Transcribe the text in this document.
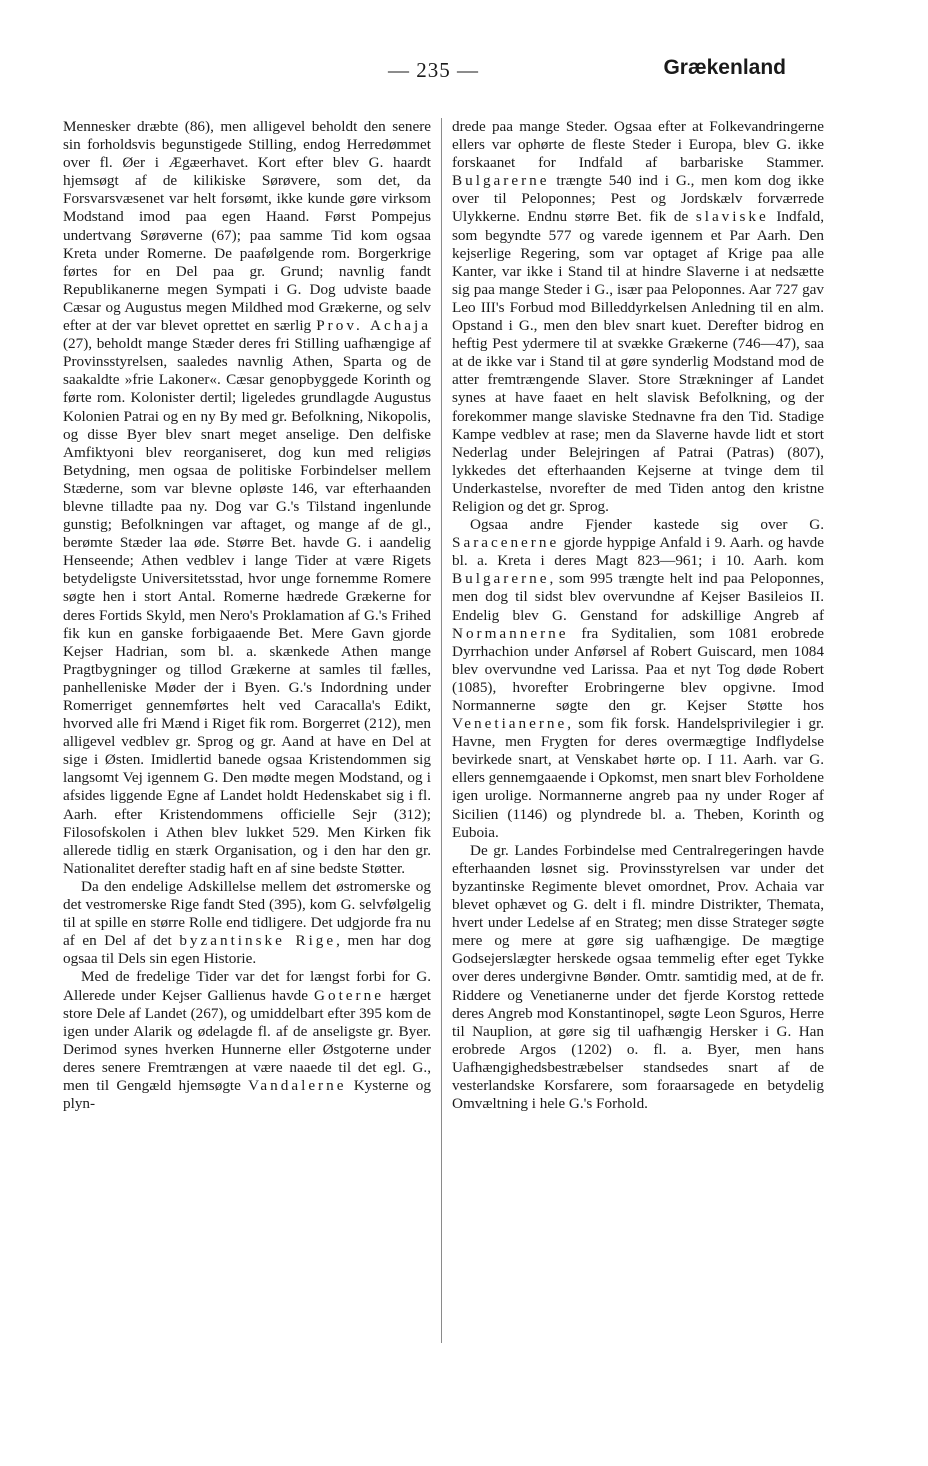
— 235 —	Grækenland

Mennesker dræbte (86), men alligevel beholdt den senere sin forholdsvis begunstigede Stilling, endog Herredømmet over fl. Øer i Ægæerhavet. Kort efter blev G. haardt hjemsøgt af de kilikiske Sørøvere, som det, da Forsvarsvæsenet var helt forsømt, ikke kunde gøre virksom Modstand imod paa egen Haand. Først Pompejus undertvang Sørøverne (67); paa samme Tid kom ogsaa Kreta under Romerne. De paafølgende rom. Borgerkrige førtes for en Del paa gr. Grund; navnlig fandt Republikanerne megen Sympati i G. Dog udviste baade Cæsar og Augustus megen Mildhed mod Grækerne, og selv efter at der var blevet oprettet en særlig Prov. Achaja (27), beholdt mange Stæder deres fri Stilling uafhængige af Provinsstyrelsen, saaledes navnlig Athen, Sparta og de saakaldte »frie Lakoner«. Cæsar genopbyggede Korinth og førte rom. Kolonister dertil; ligeledes grundlagde Augustus Kolonien Patrai og en ny By med gr. Befolkning, Nikopolis, og disse Byer blev snart meget anselige. Den delfiske Amfiktyoni blev reorganiseret, dog kun med religiøs Betydning, men ogsaa de politiske Forbindelser mellem Stæderne, som var blevne opløste 146, var efterhaanden blevne tilladte paa ny. Dog var G.'s Tilstand ingenlunde gunstig; Befolkningen var aftaget, og mange af de gl., berømte Stæder laa øde. Større Bet. havde G. i aandelig Henseende; Athen vedblev i lange Tider at være Rigets betydeligste Universitetsstad, hvor unge fornemme Romere søgte hen i stort Antal. Romerne hædrede Grækerne for deres Fortids Skyld, men Nero's Proklamation af G.'s Frihed fik kun en ganske forbigaaende Bet. Mere Gavn gjorde Kejser Hadrian, som bl. a. skænkede Athen mange Pragtbygninger og tillod Grækerne at samles til fælles, panhelleniske Møder der i Byen. G.'s Indordning under Romerriget gennemførtes helt ved Caracalla's Edikt, hvorved alle fri Mænd i Riget fik rom. Borgerret (212), men alligevel vedblev gr. Sprog og gr. Aand at have en Del at sige i Østen. Imidlertid banede ogsaa Kristendommen sig langsomt Vej igennem G. Den mødte megen Modstand, og i afsides liggende Egne af Landet holdt Hedenskabet sig i fl. Aarh. efter Kristendommens officielle Sejr (312); Filosofskolen i Athen blev lukket 529. Men Kirken fik allerede tidlig en stærk Organisation, og i den har den gr. Nationalitet derefter stadig haft en af sine bedste Støtter.

Da den endelige Adskillelse mellem det østromerske og det vestromerske Rige fandt Sted (395), kom G. selvfølgelig til at spille en større Rolle end tidligere. Det udgjorde fra nu af en Del af det byzantinske Rige, men har dog ogsaa til Dels sin egen Historie.

Med de fredelige Tider var det for længst forbi for G. Allerede under Kejser Gallienus havde Goterne hærget store Dele af Landet (267), og umiddelbart efter 395 kom de igen under Alarik og ødelagde fl. af de anseligste gr. Byer. Derimod synes hverken Hunnerne eller Østgoterne under deres senere Fremtrængen at være naaede til det egl. G., men til Gengæld hjemsøgte Vandalerne Kysterne og plyn-

drede paa mange Steder. Ogsaa efter at Folkevandringerne ellers var ophørte de fleste Steder i Europa, blev G. ikke forskaanet for Indfald af barbariske Stammer. Bulgarerne trængte 540 ind i G., men kom dog ikke over til Peloponnes; Pest og Jordskælv forværrede Ulykkerne. Endnu større Bet. fik de slaviske Indfald, som begyndte 577 og varede igennem et Par Aarh. Den kejserlige Regering, som var optaget af Krige paa alle Kanter, var ikke i Stand til at hindre Slaverne i at nedsætte sig paa mange Steder i G., især paa Peloponnes. Aar 727 gav Leo III's Forbud mod Billeddyrkelsen Anledning til en alm. Opstand i G., men den blev snart kuet. Derefter bidrog en heftig Pest ydermere til at svække Grækerne (746—47), saa at de ikke var i Stand til at gøre synderlig Modstand mod de atter fremtrængende Slaver. Store Strækninger af Landet synes at have faaet en helt slavisk Befolkning, og der forekommer mange slaviske Stednavne fra den Tid. Stadige Kampe vedblev at rase; men da Slaverne havde lidt et stort Nederlag under Belejringen af Patrai (Patras) (807), lykkedes det efterhaanden Kejserne at tvinge dem til Underkastelse, nvorefter de med Tiden antog den kristne Religion og det gr. Sprog.

Ogsaa andre Fjender kastede sig over G. Saracenerne gjorde hyppige Anfald i 9. Aarh. og havde bl. a. Kreta i deres Magt 823—961; i 10. Aarh. kom Bulgarerne, som 995 trængte helt ind paa Peloponnes, men dog til sidst blev overvundne af Kejser Basileios II. Endelig blev G. Genstand for adskillige Angreb af Normannerne fra Syditalien, som 1081 erobrede Dyrrhachion under Anførsel af Robert Guiscard, men 1084 blev overvundne ved Larissa. Paa et nyt Tog døde Robert (1085), hvorefter Erobringerne blev opgivne. Imod Normannerne søgte den gr. Kejser Støtte hos Venetianerne, som fik forsk. Handelsprivilegier i gr. Havne, men Frygten for deres overmægtige Indflydelse bevirkede snart, at Venskabet hørte op. I 11. Aarh. var G. ellers gennemgaaende i Opkomst, men snart blev Forholdene igen urolige. Normannerne angreb paa ny under Roger af Sicilien (1146) og plyndrede bl. a. Theben, Korinth og Euboia.

De gr. Landes Forbindelse med Centralregeringen havde efterhaanden løsnet sig. Provinsstyrelsen var under det byzantinske Regimente blevet omordnet, Prov. Achaia var blevet ophævet og G. delt i fl. mindre Distrikter, Themata, hvert under Ledelse af en Strateg; men disse Strateger søgte mere og mere at gøre sig uafhængige. De mægtige Godsejerslægter herskede ogsaa temmelig efter eget Tykke over deres undergivne Bønder. Omtr. samtidig med, at de fr. Riddere og Venetianerne under det fjerde Korstog rettede deres Angreb mod Konstantinopel, søgte Leon Sguros, Herre til Nauplion, at gøre sig til uafhængig Hersker i G. Han erobrede Argos (1202) o. fl. a. Byer, men hans Uafhængighedsbestræbelser standsedes snart af de vesterlandske Korsfarere, som foraarsagede en betydelig Omvæltning i hele G.'s Forhold.
